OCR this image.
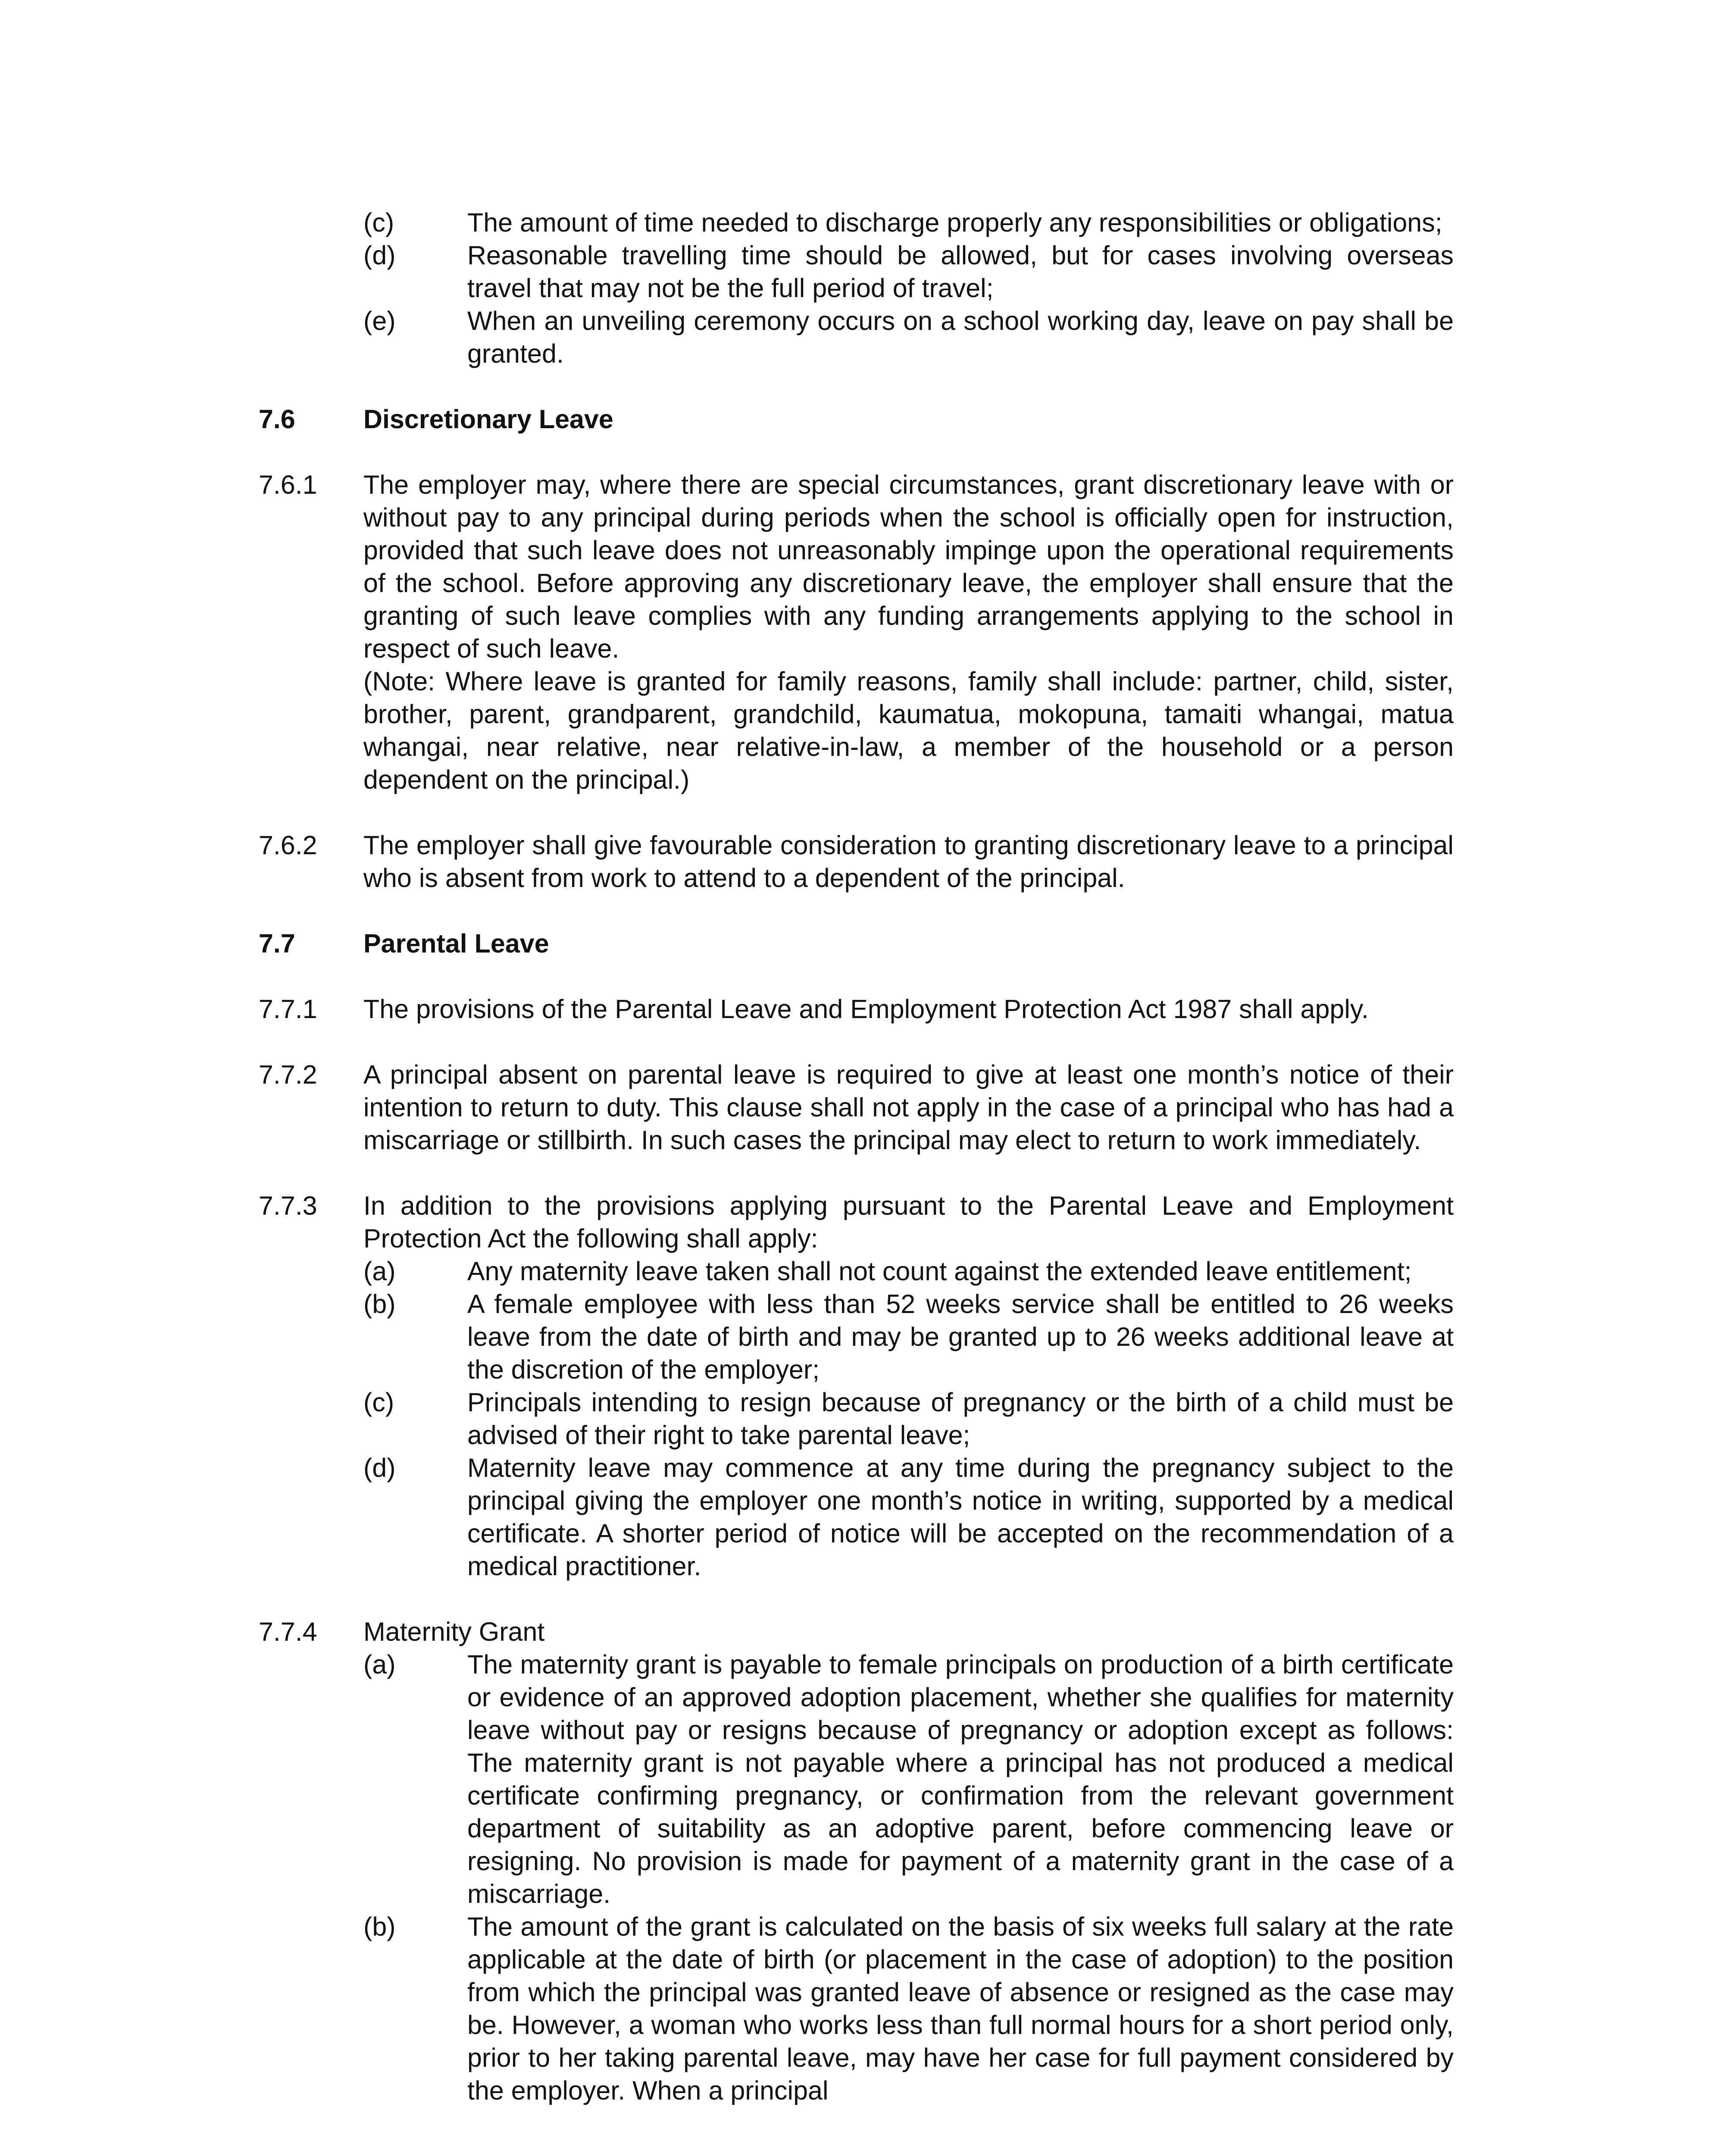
(c)	The amount of time needed to discharge properly any responsibilities or obligations;
(d)	Reasonable travelling time should be allowed, but for cases involving overseas travel that may not be the full period of travel;
(e)	When an unveiling ceremony occurs on a school working day, leave on pay shall be granted.
7.6	Discretionary Leave
7.6.1 The employer may, where there are special circumstances, grant discretionary leave with or without pay to any principal during periods when the school is officially open for instruction, provided that such leave does not unreasonably impinge upon the operational requirements of the school. Before approving any discretionary leave, the employer shall ensure that the granting of such leave complies with any funding arrangements applying to the school in respect of such leave.
(Note: Where leave is granted for family reasons, family shall include: partner, child, sister, brother, parent, grandparent, grandchild, kaumatua, mokopuna, tamaiti whangai, matua whangai, near relative, near relative-in-law, a member of the household or a person dependent on the principal.)
7.6.2 The employer shall give favourable consideration to granting discretionary leave to a principal who is absent from work to attend to a dependent of the principal.
7.7	Parental Leave
7.7.1 The provisions of the Parental Leave and Employment Protection Act 1987 shall apply.
7.7.2 A principal absent on parental leave is required to give at least one month’s notice of their intention to return to duty. This clause shall not apply in the case of a principal who has had a miscarriage or stillbirth. In such cases the principal may elect to return to work immediately.
7.7.3 In addition to the provisions applying pursuant to the Parental Leave and Employment Protection Act the following shall apply:
(a)	Any maternity leave taken shall not count against the extended leave entitlement;
(b)	A female employee with less than 52 weeks service shall be entitled to 26 weeks leave from the date of birth and may be granted up to 26 weeks additional leave at the discretion of the employer;
(c)	Principals intending to resign because of pregnancy or the birth of a child must be advised of their right to take parental leave;
(d)	Maternity leave may commence at any time during the pregnancy subject to the principal giving the employer one month’s notice in writing, supported by a medical certificate. A shorter period of notice will be accepted on the recommendation of a medical practitioner.
7.7.4 Maternity Grant
(a)	The maternity grant is payable to female principals on production of a birth certificate or evidence of an approved adoption placement, whether she qualifies for maternity leave without pay or resigns because of pregnancy or adoption except as follows: The maternity grant is not payable where a principal has not produced a medical certificate confirming pregnancy, or confirmation from the relevant government department of suitability as an adoptive parent, before commencing leave or resigning. No provision is made for payment of a maternity grant in the case of a miscarriage.
(b)	The amount of the grant is calculated on the basis of six weeks full salary at the rate applicable at the date of birth (or placement in the case of adoption) to the position from which the principal was granted leave of absence or resigned as the case may be. However, a woman who works less than full normal hours for a short period only, prior to her taking parental leave, may have her case for full payment considered by the employer. When a principal
